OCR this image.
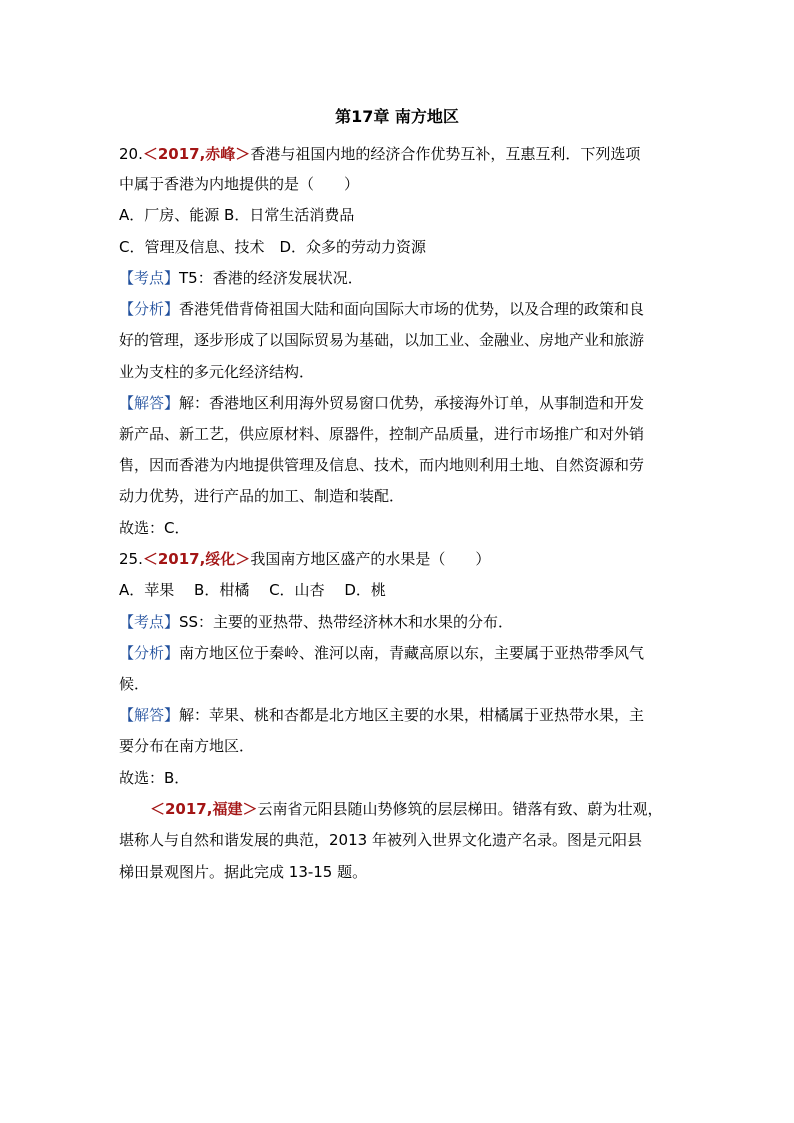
第17章 南方地区
20.＜2017,赤峰＞香港与祖国内地的经济合作优势互补，互惠互利．下列选项
中属于香港为内地提供的是（　　）
A．厂房、能源 B．日常生活消费品
C．管理及信息、技术　D．众多的劳动力资源
【考点】T5：香港的经济发展状况．
【分析】香港凭借背倚祖国大陆和面向国际大市场的优势，以及合理的政策和良
好的管理，逐步形成了以国际贸易为基础，以加工业、金融业、房地产业和旅游
业为支柱的多元化经济结构．
【解答】解：香港地区利用海外贸易窗口优势，承接海外订单，从事制造和开发
新产品、新工艺，供应原材料、原器件，控制产品质量，进行市场推广和对外销
售，因而香港为内地提供管理及信息、技术，而内地则利用土地、自然资源和劳
动力优势，进行产品的加工、制造和装配．
故选：C．
25.＜2017,绥化＞我国南方地区盛产的水果是（　　）
A．苹果　 B．柑橘　 C．山杏　 D．桃
【考点】SS：主要的亚热带、热带经济林木和水果的分布．
【分析】南方地区位于秦岭、淮河以南，青藏高原以东，主要属于亚热带季风气
候．
【解答】解：苹果、桃和杏都是北方地区主要的水果，柑橘属于亚热带水果，主
要分布在南方地区．
故选：B．
＜2017,福建＞云南省元阳县随山势修筑的层层梯田。错落有致、蔚为壮观，
堪称人与自然和谐发展的典范，2013 年被列入世界文化遗产名录。图是元阳县
梯田景观图片。据此完成 13-15 题。
